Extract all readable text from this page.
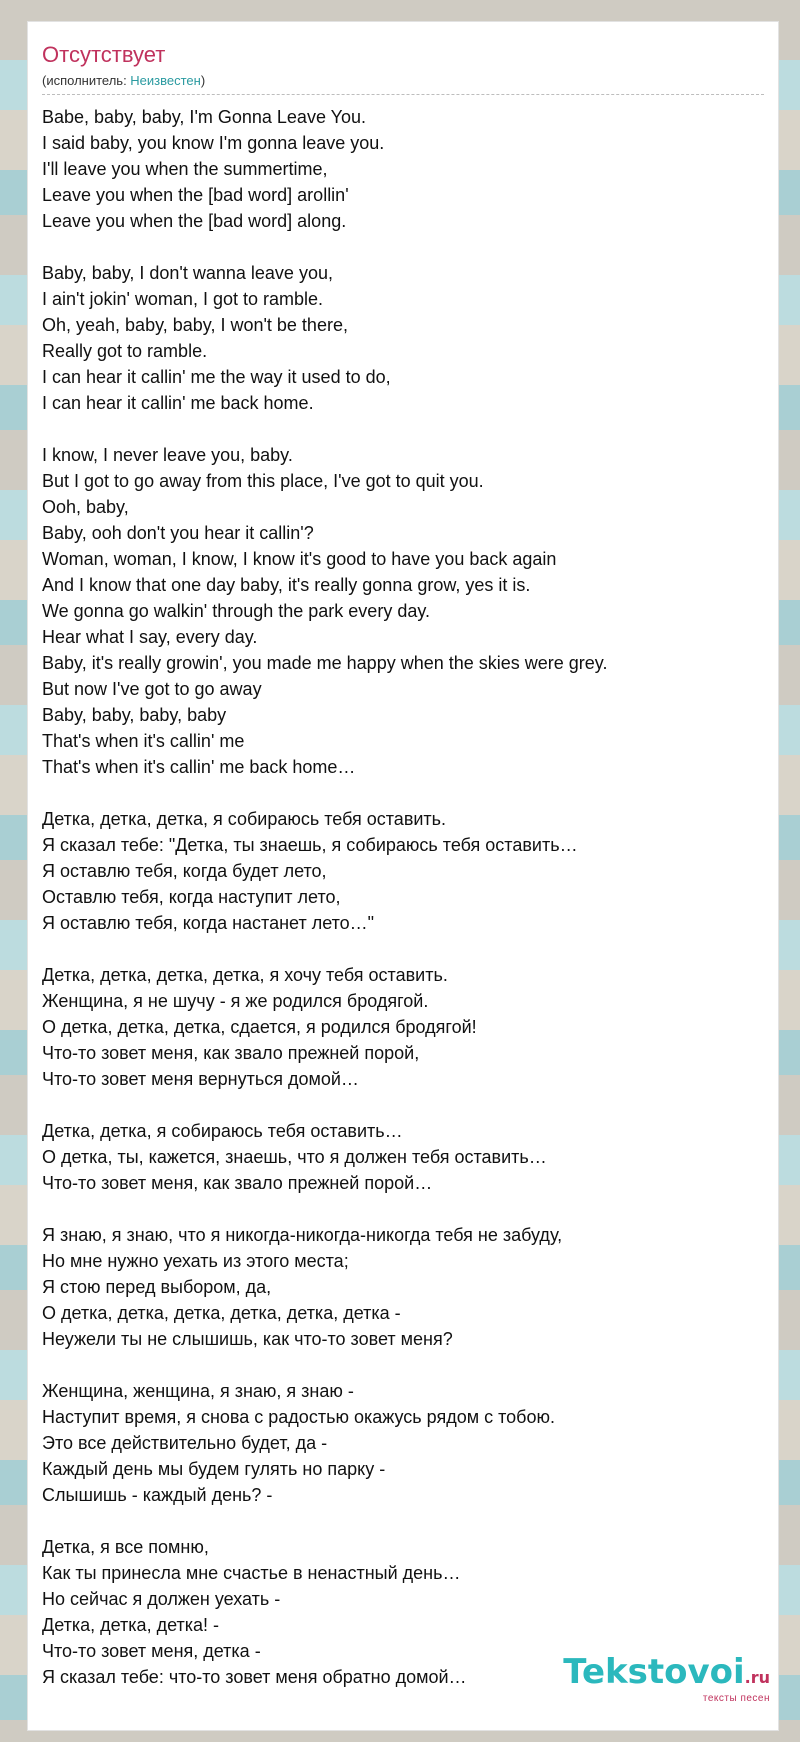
Отсутствует
(исполнитель: Неизвестен)
Babe, baby, baby, I'm Gonna Leave You.
I said baby, you know I'm gonna leave you.
I'll leave you when the summertime,
Leave you when the [bad word] arollin'
Leave you when the [bad word] along.
Baby, baby, I don't wanna leave you,
I ain't jokin' woman, I got to ramble.
Oh, yeah, baby, baby, I won't be there,
Really got to ramble.
I can hear it callin' me the way it used to do,
I can hear it callin' me back home.
I know, I never leave you, baby.
But I got to go away from this place, I've got to quit you.
Ooh, baby,
Baby, ooh don't you hear it callin'?
Woman, woman, I know, I know it's good to have you back again
And I know that one day baby, it's really gonna grow, yes it is.
We gonna go walkin' through the park every day.
Hear what I say, every day.
Baby, it's really growin', you made me happy when the skies were grey.
But now I've got to go away
Baby, baby, baby, baby
That's when it's callin' me
That's when it's callin' me back home…
Детка, детка, детка, я собираюсь тебя оставить.
Я сказал тебе: "Детка, ты знаешь, я собираюсь тебя оставить…
Я оставлю тебя, когда будет лето,
Оставлю тебя, когда наступит лето,
Я оставлю тебя, когда настанет лето…"
Детка, детка, детка, детка, я хочу тебя оставить.
Женщина, я не шучу - я же родился бродягой.
О детка, детка, детка, сдается, я родился бродягой!
Что-то зовет меня, как звало прежней порой,
Что-то зовет меня вернуться домой…
Детка, детка, я собираюсь тебя оставить…
О детка, ты, кажется, знаешь, что я должен тебя оставить…
Что-то зовет меня, как звало прежней порой…
Я знаю, я знаю, что я никогда-никогда-никогда тебя не забуду,
Но мне нужно уехать из этого места;
Я стою перед выбором, да,
О детка, детка, детка, детка, детка, детка -
Неужели ты не слышишь, как что-то зовет меня?
Женщина, женщина, я знаю, я знаю -
Наступит время, я снова с радостью окажусь рядом с тобою.
Это все действительно будет, да -
Каждый день мы будем гулять но парку -
Слышишь - каждый день? -
Детка, я все помню,
Как ты принесла мне счастье в ненастный день…
Но сейчас я должен уехать -
Детка, детка, детка! -
Что-то зовет меня, детка -
Я сказал тебе: что-то зовет меня обратно домой…	Tekstovoi.ru
тексты песен
